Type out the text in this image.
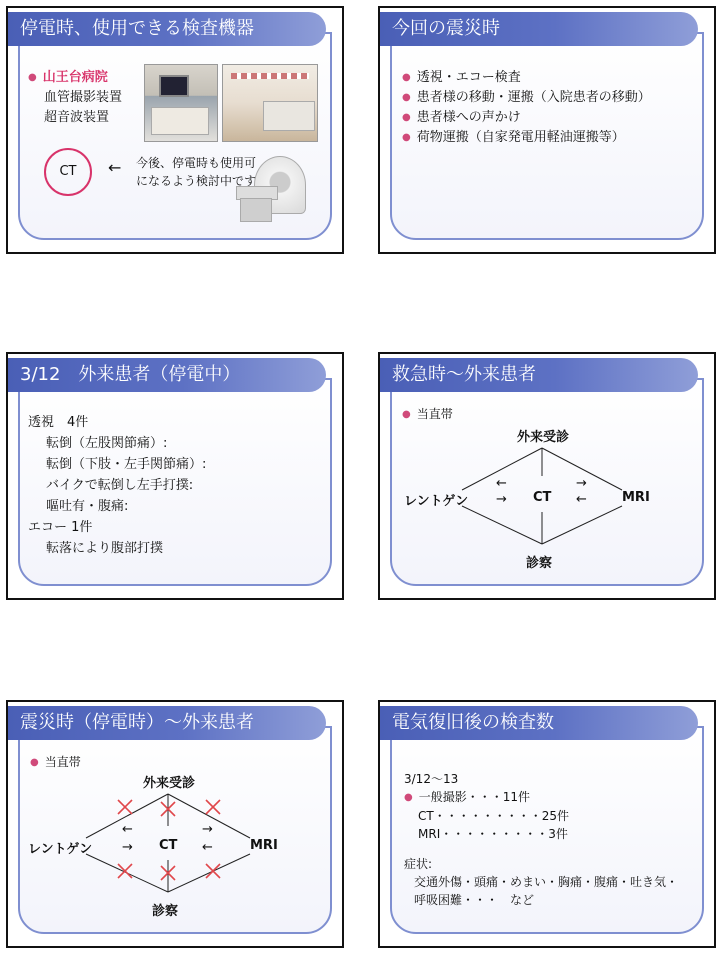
停電時、使用できる検査機器
● 山王台病院
血管撮影装置
超音波装置
CT	← 今後、停電時も使用可
になるよう検討中です
今回の震災時
● 透視・エコー検査
● 患者様の移動・運搬（入院患者の移動）
● 患者様への声かけ
● 荷物運搬（自家発電用軽油運搬等）
3/12　外来患者（停電中）
透視　4件
転倒（左股関節痛）:
転倒（下肢・左手関節痛）:
バイクで転倒し左手打撲:
嘔吐有・腹痛:
エコー 1件
転落により腹部打撲
救急時～外来患者
● 当直帯
外来受診
レントゲン	CT	MRI
診察
←
→
→
←
震災時（停電時）～外来患者
● 当直帯
外来受診
レントゲン	CT	MRI
診察
←
→
→
←
電気復旧後の検査数
3/12～13
● 一般撮影・・・11件
CT・・・・・・・・・25件
MRI・・・・・・・・・3件
症状:
交通外傷・頭痛・めまい・胸痛・腹痛・吐き気・
呼吸困難・・・　など
